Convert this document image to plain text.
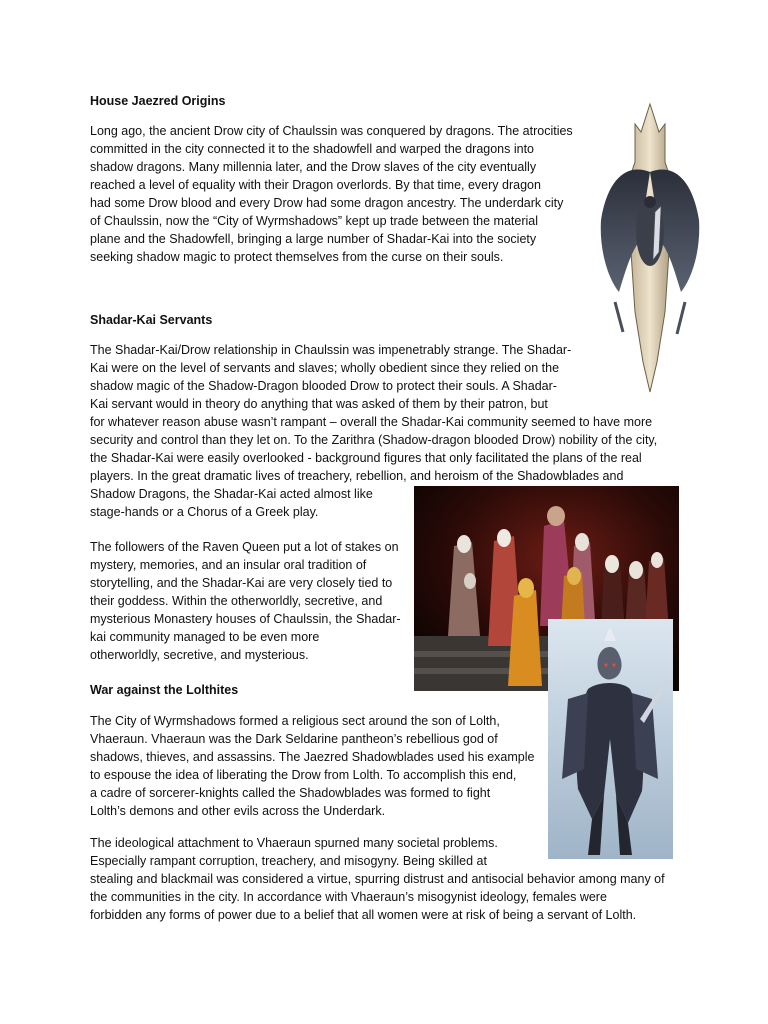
House Jaezred Origins

Long ago, the ancient Drow city of Chaulssin was conquered by dragons. The atrocities

committed in the city connected it to the shadowfell and warped the dragons into

shadow dragons. Many millennia later, and the Drow slaves of the city eventually

reached a level of equality with their Dragon overlords. By that time, every dragon

had some Drow blood and every Drow had some dragon ancestry. The underdark city

of Chaulssin, now the “City of Wyrmshadows” kept up trade between the material

plane and the Shadowfell, bringing a large number of Shadar-Kai into the society

seeking shadow magic to protect themselves from the curse on their souls.

Shadar-Kai Servants

The Shadar-Kai/Drow relationship in Chaulssin was impenetrably strange. The Shadar-

Kai were on the level of servants and slaves; wholly obedient since they relied on the

shadow magic of the Shadow-Dragon blooded Drow to protect their souls. A Shadar-

Kai servant would in theory do anything that was asked of them by their patron, but

for whatever reason abuse wasn’t rampant – overall the Shadar-Kai community seemed to have more

security and control than they let on. To the Zarithra (Shadow-dragon blooded Drow) nobility of the city,

the Shadar-Kai were easily overlooked - background figures that only facilitated the plans of the real

players. In the great dramatic lives of treachery, rebellion, and heroism of the Shadowblades and

Shadow Dragons, the Shadar-Kai acted almost like

stage-hands or a Chorus of a Greek play.

The followers of the Raven Queen put a lot of stakes on

mystery, memories, and an insular oral tradition of

storytelling, and the Shadar-Kai are very closely tied to

their goddess. Within the otherworldly, secretive, and

mysterious Monastery houses of Chaulssin, the Shadar-

kai community managed to be even more

otherworldly, secretive, and mysterious.

War against the Lolthites

The City of Wyrmshadows formed a religious sect around the son of Lolth,

Vhaeraun. Vhaeraun was the Dark Seldarine pantheon’s rebellious god of

shadows, thieves, and assassins. The Jaezred Shadowblades used his example

to espouse the idea of liberating the Drow from Lolth. To accomplish this end,

a cadre of sorcerer-knights called the Shadowblades was formed to fight

Lolth’s demons and other evils across the Underdark.

The ideological attachment to Vhaeraun spurned many societal problems.

Especially rampant corruption, treachery, and misogyny. Being skilled at

stealing and blackmail was considered a virtue, spurring distrust and antisocial behavior among many of

the communities in the city. In accordance with Vhaeraun’s misogynist ideology, females were

forbidden any forms of power due to a belief that all women were at risk of being a servant of Lolth.
